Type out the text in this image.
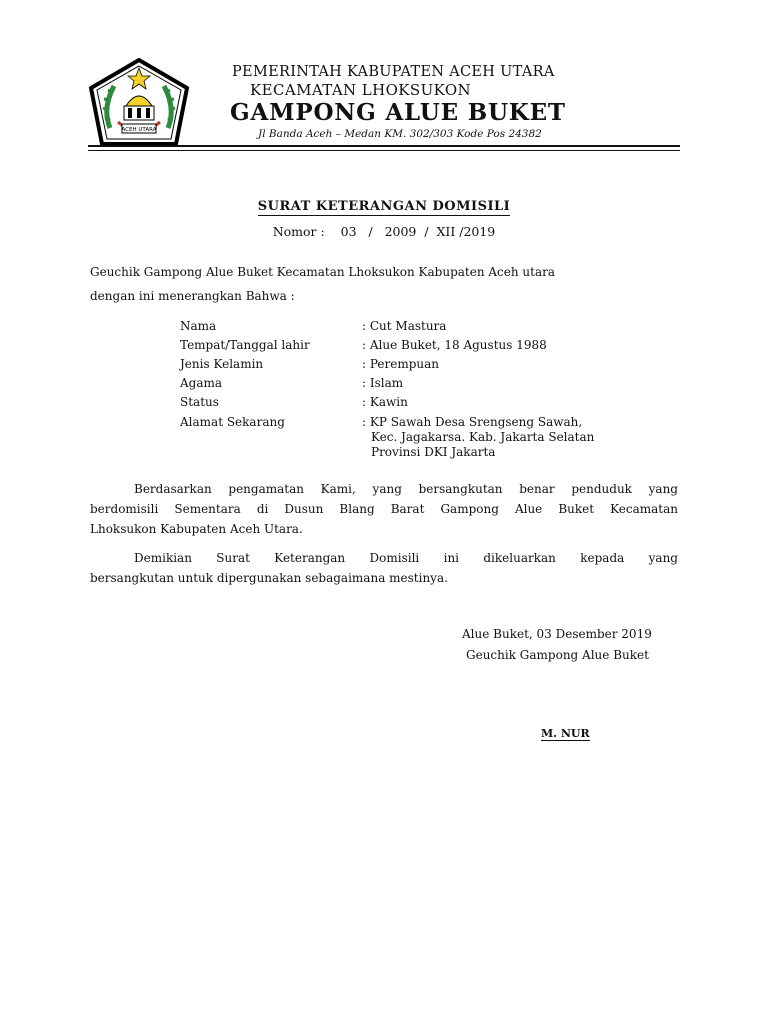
ACEH UTARA
PEMERINTAH KABUPATEN ACEH UTARA
KECAMATAN LHOKSUKON
GAMPONG ALUE BUKET
Jl Banda Aceh – Medan KM. 302/303 Kode Pos 24382
SURAT KETERANGAN DOMISILI
Nomor :    03   /   2009  /  XII /2019
Geuchik Gampong Alue Buket Kecamatan Lhoksukon Kabupaten Aceh utara
dengan ini menerangkan Bahwa :
Nama	: Cut Mastura
Tempat/Tanggal lahir	: Alue Buket, 18 Agustus 1988
Jenis Kelamin	: Perempuan
Agama	: Islam
Status	: Kawin
Alamat Sekarang	: KP Sawah Desa Srengseng Sawah,
Kec. Jagakarsa. Kab. Jakarta Selatan
Provinsi DKI Jakarta
Berdasarkan pengamatan Kami, yang bersangkutan benar penduduk yang
berdomisili Sementara di Dusun Blang Barat Gampong Alue Buket Kecamatan
Lhoksukon Kabupaten Aceh Utara.
Demikian Surat Keterangan Domisili ini dikeluarkan kepada yang
bersangkutan untuk dipergunakan sebagaimana mestinya.
Alue Buket, 03 Desember 2019
Geuchik Gampong Alue Buket
M. NUR
